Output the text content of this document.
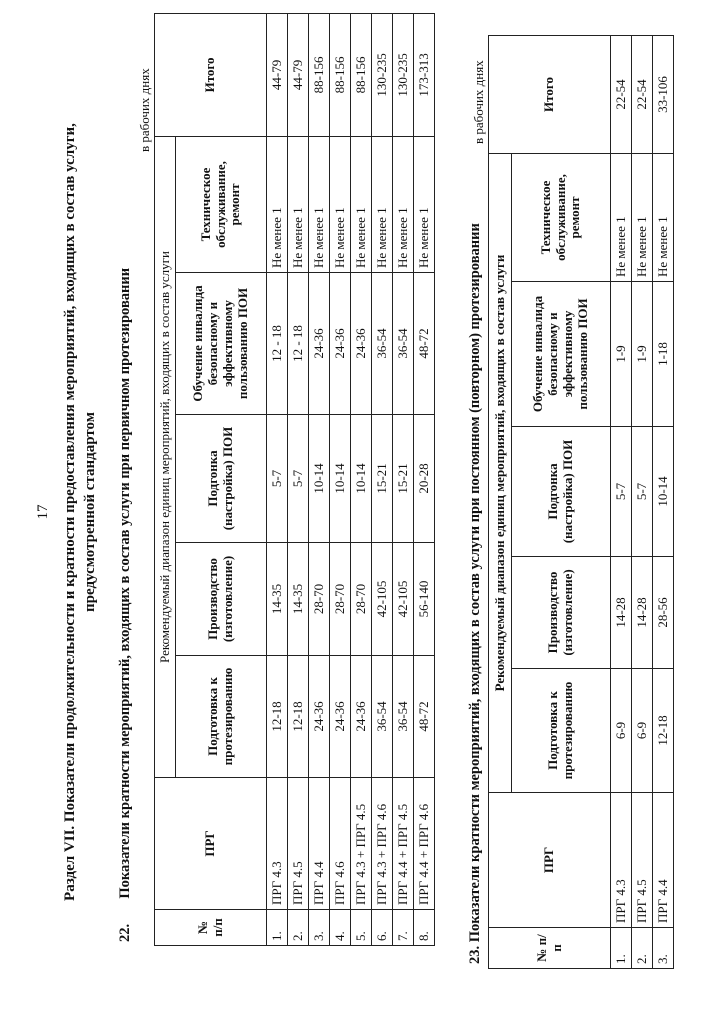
17 Раздел VII. Показатели продолжительности и кратности предоставления мероприятий, входящих в состав услуги, предусмотренной стандартом
22.  Показатели кратности мероприятий, входящих в состав услуги при первичном протезировании
в рабочих днях
№ п/п	ПРГ	Рекомендуемый диапазон единиц мероприятий, входящих в состав услуги					Итого
		Подготовка к протезированию	Производство (изготовление)	Подгонка (настройка) ПОИ	Обучение инвалида безопасному и эффективному пользованию ПОИ	Техническое обслуживание, ремонт	
1.	ПРГ 4.3	12-18	14-35	5-7	12 - 18	Не менее 1	44-79
2.	ПРГ 4.5	12-18	14-35	5-7	12 - 18	Не менее 1	44-79
3.	ПРГ 4.4	24-36	28-70	10-14	24-36	Не менее 1	88-156
4.	ПРГ 4.6	24-36	28-70	10-14	24-36	Не менее 1	88-156
5.	ПРГ 4.3 + ПРГ 4.5	24-36	28-70	10-14	24-36	Не менее 1	88-156
6.	ПРГ 4.3 + ПРГ 4.6	36-54	42-105	15-21	36-54	Не менее 1	130-235
7.	ПРГ 4.4 + ПРГ 4.5	36-54	42-105	15-21	36-54	Не менее 1	130-235
8.	ПРГ 4.4 + ПРГ 4.6	48-72	56-140	20-28	48-72	Не менее 1	173-313
23. Показатели кратности мероприятий, входящих в состав услуги при постоянном (повторном) протезировании
в рабочих днях
№ п/п	ПРГ	Рекомендуемый диапазон единиц мероприятий, входящих в состав услуги					Итого
		Подготовка к протезированию	Производство (изготовление)	Подгонка (настройка) ПОИ	Обучение инвалида безопасному и эффективному пользованию ПОИ	Техническое обслуживание, ремонт	
1.	ПРГ 4.3	6-9	14-28	5-7	1-9	Не менее 1	22-54
2.	ПРГ 4.5	6-9	14-28	5-7	1-9	Не менее 1	22-54
3.	ПРГ 4.4	12-18	28-56	10-14	1-18	Не менее 1	33-106
